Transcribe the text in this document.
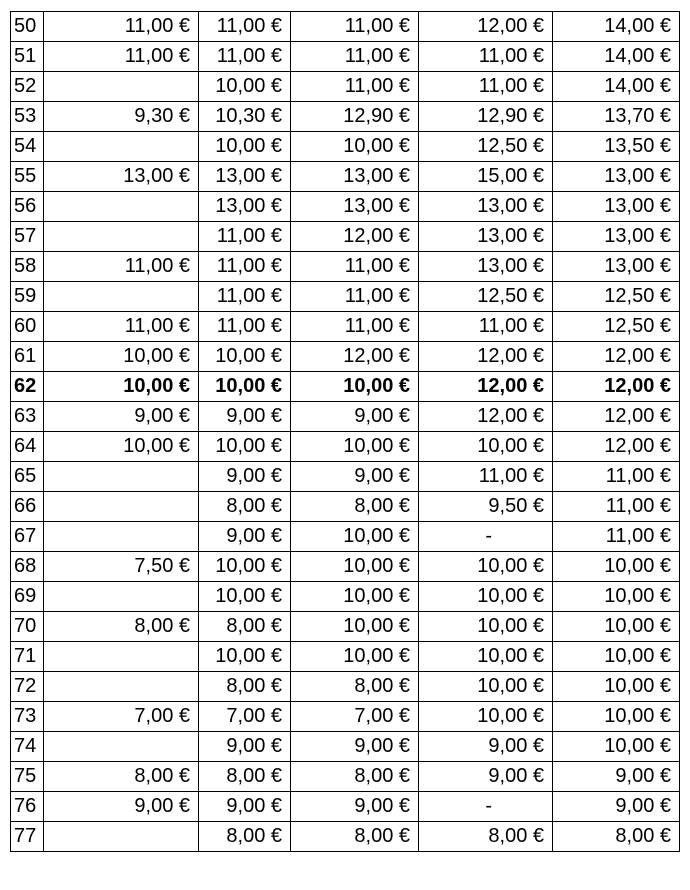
50	11,00 €	11,00 €	11,00 €	12,00 €	14,00 €
51	11,00 €	11,00 €	11,00 €	11,00 €	14,00 €
52		10,00 €	11,00 €	11,00 €	14,00 €
53	9,30 €	10,30 €	12,90 €	12,90 €	13,70 €
54		10,00 €	10,00 €	12,50 €	13,50 €
55	13,00 €	13,00 €	13,00 €	15,00 €	13,00 €
56		13,00 €	13,00 €	13,00 €	13,00 €
57		11,00 €	12,00 €	13,00 €	13,00 €
58	11,00 €	11,00 €	11,00 €	13,00 €	13,00 €
59		11,00 €	11,00 €	12,50 €	12,50 €
60	11,00 €	11,00 €	11,00 €	11,00 €	12,50 €
61	10,00 €	10,00 €	12,00 €	12,00 €	12,00 €
62	10,00 €	10,00 €	10,00 €	12,00 €	12,00 €
63	9,00 €	9,00 €	9,00 €	12,00 €	12,00 €
64	10,00 €	10,00 €	10,00 €	10,00 €	12,00 €
65		9,00 €	9,00 €	11,00 €	11,00 €
66		8,00 €	8,00 €	9,50 €	11,00 €
67		9,00 €	10,00 €	-	11,00 €
68	7,50 €	10,00 €	10,00 €	10,00 €	10,00 €
69		10,00 €	10,00 €	10,00 €	10,00 €
70	8,00 €	8,00 €	10,00 €	10,00 €	10,00 €
71		10,00 €	10,00 €	10,00 €	10,00 €
72		8,00 €	8,00 €	10,00 €	10,00 €
73	7,00 €	7,00 €	7,00 €	10,00 €	10,00 €
74		9,00 €	9,00 €	9,00 €	10,00 €
75	8,00 €	8,00 €	8,00 €	9,00 €	9,00 €
76	9,00 €	9,00 €	9,00 €	-	9,00 €
77		8,00 €	8,00 €	8,00 €	8,00 €
